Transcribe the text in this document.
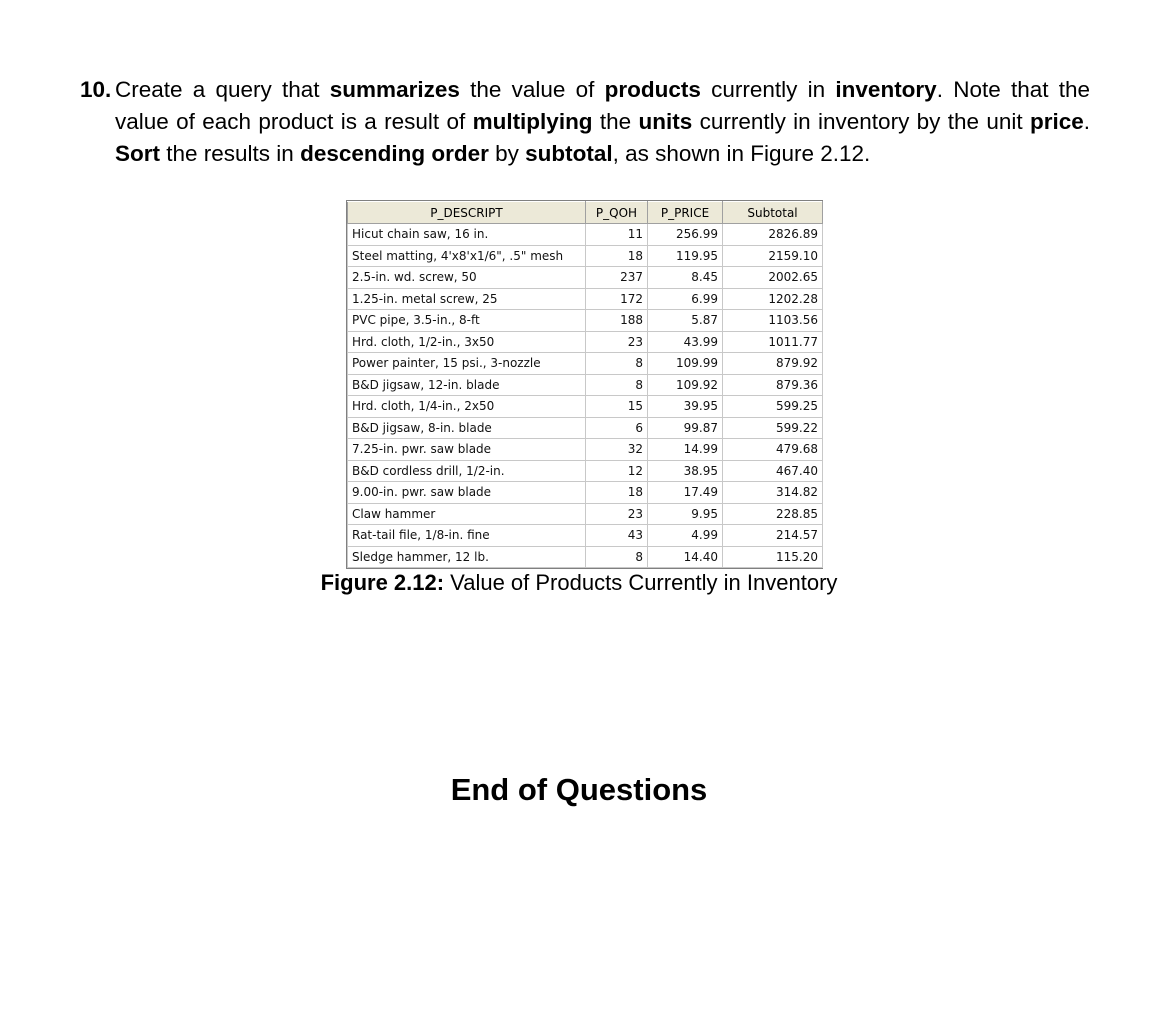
10. Create a query that summarizes the value of products currently in inventory. Note that the value of each product is a result of multiplying the units currently in inventory by the unit price. Sort the results in descending order by subtotal, as shown in Figure 2.12.
P_DESCRIPT	P_QOH	P_PRICE	Subtotal
Hicut chain saw, 16 in.	11	256.99	2826.89
Steel matting, 4'x8'x1/6", .5" mesh	18	119.95	2159.10
2.5-in. wd. screw, 50	237	8.45	2002.65
1.25-in. metal screw, 25	172	6.99	1202.28
PVC pipe, 3.5-in., 8-ft	188	5.87	1103.56
Hrd. cloth, 1/2-in., 3x50	23	43.99	1011.77
Power painter, 15 psi., 3-nozzle	8	109.99	879.92
B&D jigsaw, 12-in. blade	8	109.92	879.36
Hrd. cloth, 1/4-in., 2x50	15	39.95	599.25
B&D jigsaw, 8-in. blade	6	99.87	599.22
7.25-in. pwr. saw blade	32	14.99	479.68
B&D cordless drill, 1/2-in.	12	38.95	467.40
9.00-in. pwr. saw blade	18	17.49	314.82
Claw hammer	23	9.95	228.85
Rat-tail file, 1/8-in. fine	43	4.99	214.57
Sledge hammer, 12 lb.	8	14.40	115.20
Figure 2.12: Value of Products Currently in Inventory
End of Questions
